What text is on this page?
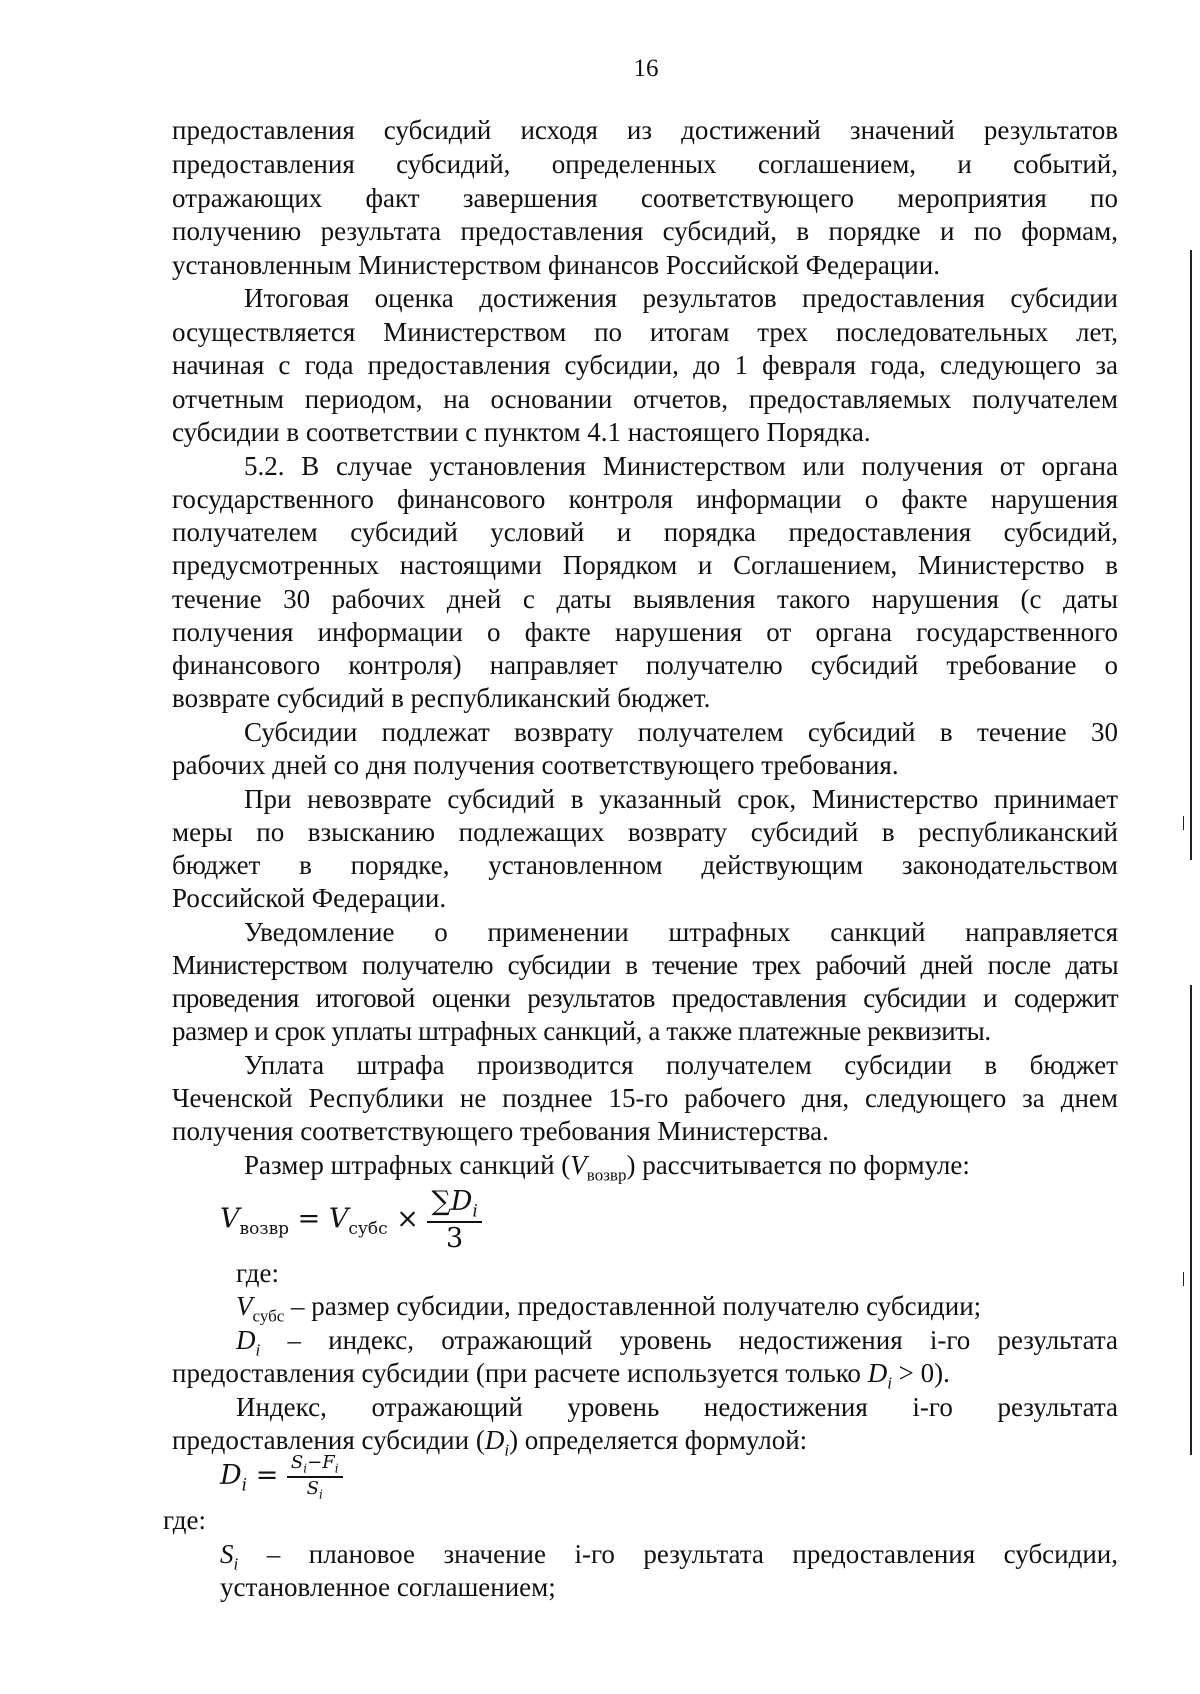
16
предоставления субсидий исходя из достижений значений результатов
предоставления субсидий, определенных соглашением, и событий,
отражающих факт завершения соответствующего мероприятия по
получению результата предоставления субсидий, в порядке и по формам,
установленным Министерством финансов Российской Федерации.
Итоговая оценка достижения результатов предоставления субсидии
осуществляется Министерством по итогам трех последовательных лет,
начиная с года предоставления субсидии, до 1 февраля года, следующего за
отчетным периодом, на основании отчетов, предоставляемых получателем
субсидии в соответствии с пунктом 4.1 настоящего Порядка.
5.2. В случае установления Министерством или получения от органа
государственного финансового контроля информации о факте нарушения
получателем субсидий условий и порядка предоставления субсидий,
предусмотренных настоящими Порядком и Соглашением, Министерство в
течение 30 рабочих дней с даты выявления такого нарушения (с даты
получения информации о факте нарушения от органа государственного
финансового контроля) направляет получателю субсидий требование о
возврате субсидий в республиканский бюджет.
Субсидии подлежат возврату получателем субсидий в течение 30
рабочих дней со дня получения соответствующего требования.
При невозврате субсидий в указанный срок, Министерство принимает
меры по взысканию подлежащих возврату субсидий в республиканский
бюджет в порядке, установленном действующим законодательством
Российской Федерации.
Уведомление о применении штрафных санкций направляется
Министерством получателю субсидии в течение трех рабочий дней после даты
проведения итоговой оценки результатов предоставления субсидии и содержит
размер и срок уплаты штрафных санкций, а также платежные реквизиты.
Уплата штрафа производится получателем субсидии в бюджет
Чеченской Республики не позднее 15-го рабочего дня, следующего за днем
получения соответствующего требования Министерства.
Размер штрафных санкций $(V_{возвр})$ рассчитывается по формуле:
$V_{возвр} = V_{субс} \times \frac{\sum D_i}{3}$
где:
$V_{субс}$ – размер субсидии, предоставленной получателю субсидии;
$D_i$ – индекс, отражающий уровень недостижения i-го результата
предоставления субсидии (при расчете используется только $D_i > 0$).
Индекс, отражающий уровень недостижения i-го результата
предоставления субсидии $(D_i)$ определяется формулой:
$D_i = \frac{S_i-F_i}{S_i}$
где:
$S_i$ – плановое значение i-го результата предоставления субсидии,
установленное соглашением;
